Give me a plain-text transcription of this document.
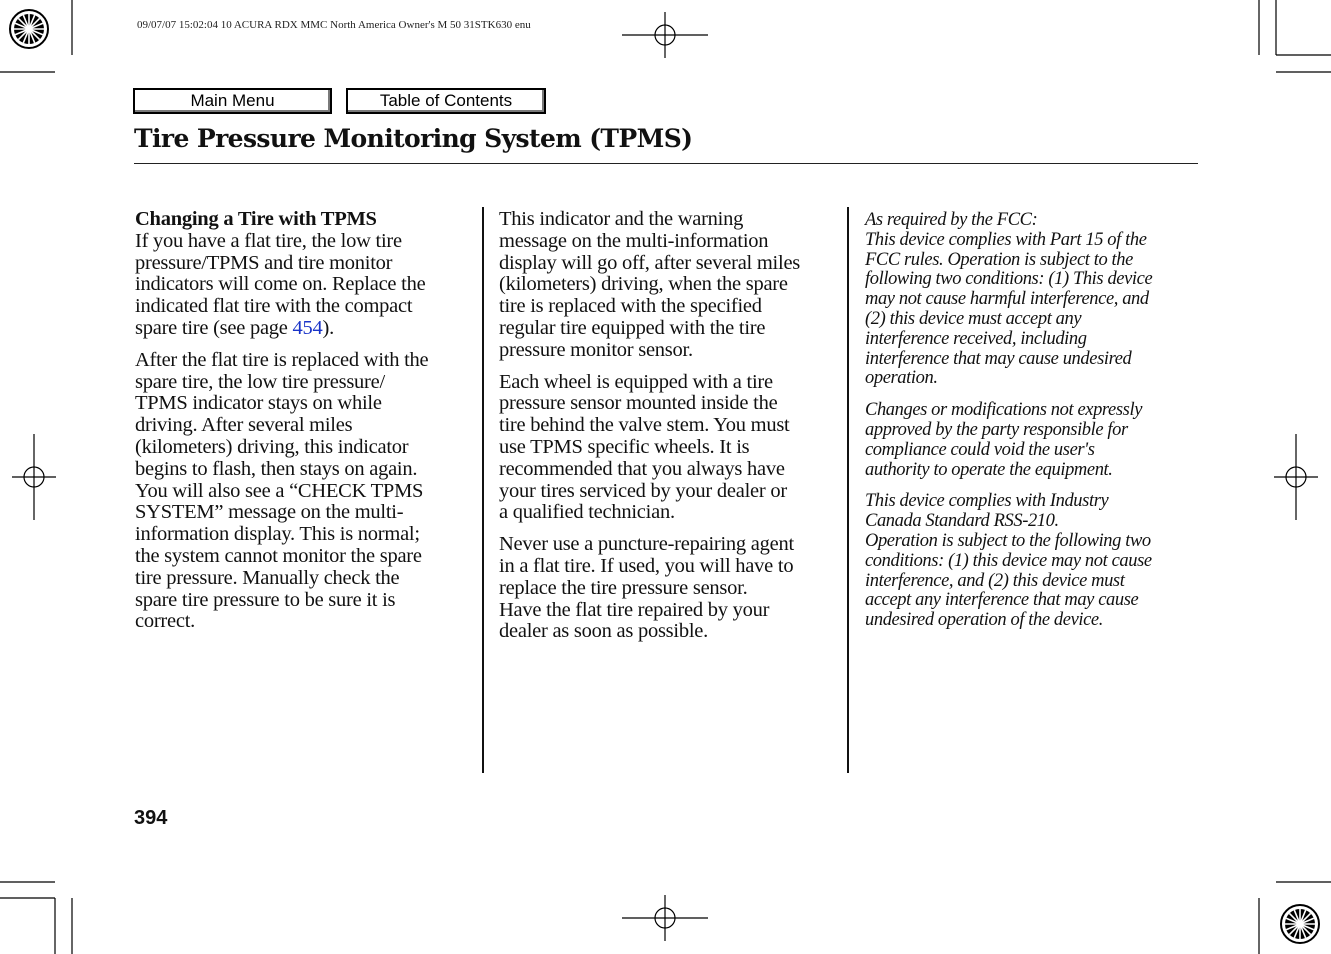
09/07/07 15:02:04 10 ACURA RDX MMC North America Owner's M 50 31STK630 enu
Main Menu	Table of Contents
Tire Pressure Monitoring System (TPMS)

Changing a Tire with TPMS
If you have a flat tire, the low tire
pressure/TPMS and tire monitor
indicators will come on. Replace the
indicated flat tire with the compact
spare tire (see page 454).

After the flat tire is replaced with the
spare tire, the low tire pressure/
TPMS indicator stays on while
driving. After several miles
(kilometers) driving, this indicator
begins to flash, then stays on again.
You will also see a “CHECK TPMS
SYSTEM” message on the multi-
information display. This is normal;
the system cannot monitor the spare
tire pressure. Manually check the
spare tire pressure to be sure it is
correct.

This indicator and the warning
message on the multi-information
display will go off, after several miles
(kilometers) driving, when the spare
tire is replaced with the specified
regular tire equipped with the tire
pressure monitor sensor.

Each wheel is equipped with a tire
pressure sensor mounted inside the
tire behind the valve stem. You must
use TPMS specific wheels. It is
recommended that you always have
your tires serviced by your dealer or
a qualified technician.

Never use a puncture-repairing agent
in a flat tire. If used, you will have to
replace the tire pressure sensor.
Have the flat tire repaired by your
dealer as soon as possible.

As required by the FCC:
This device complies with Part 15 of the
FCC rules. Operation is subject to the
following two conditions: (1) This device
may not cause harmful interference, and
(2) this device must accept any
interference received, including
interference that may cause undesired
operation.

Changes or modifications not expressly
approved by the party responsible for
compliance could void the user's
authority to operate the equipment.

This device complies with Industry
Canada Standard RSS-210.
Operation is subject to the following two
conditions: (1) this device may not cause
interference, and (2) this device must
accept any interference that may cause
undesired operation of the device.

394
